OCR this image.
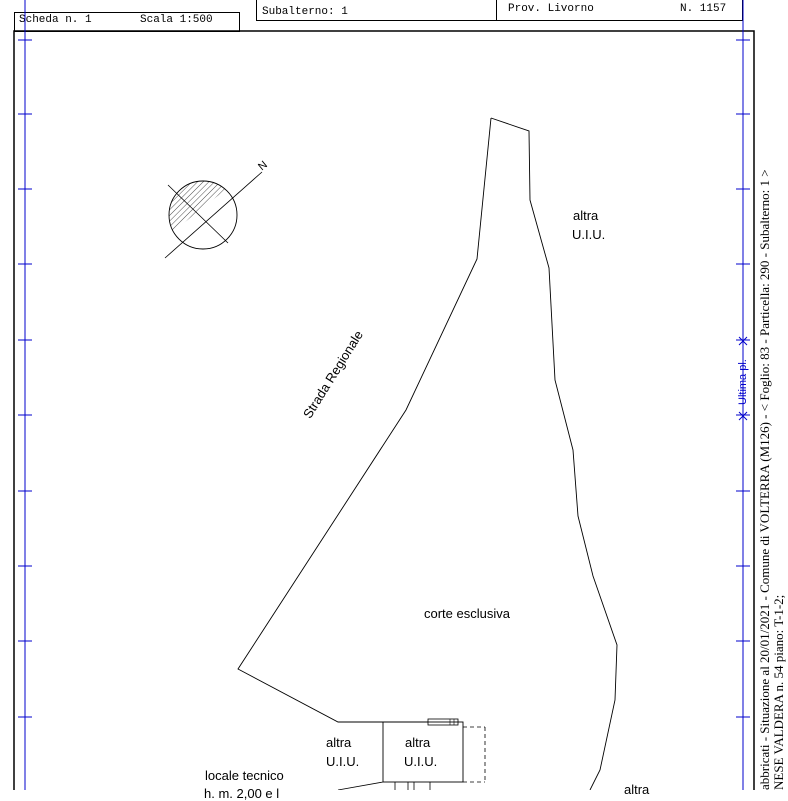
Scheda n. 1	Scala 1:500
Subalterno: 1	Prov. Livorno	N. 1157
N
Strada Regionale
altra
U.I.U.
corte esclusiva
altra
U.I.U.
altra
U.I.U.
altra
locale tecnico
h. m. 2,00 e l
abbricati - Situazione al 20/01/2021 - Comune di VOLTERRA (M126) - < Foglio: 83 - Particella: 290 - Subalterno: 1 > NESE VALDERA n. 54 piano: T-1-2;
Ultima pl.
